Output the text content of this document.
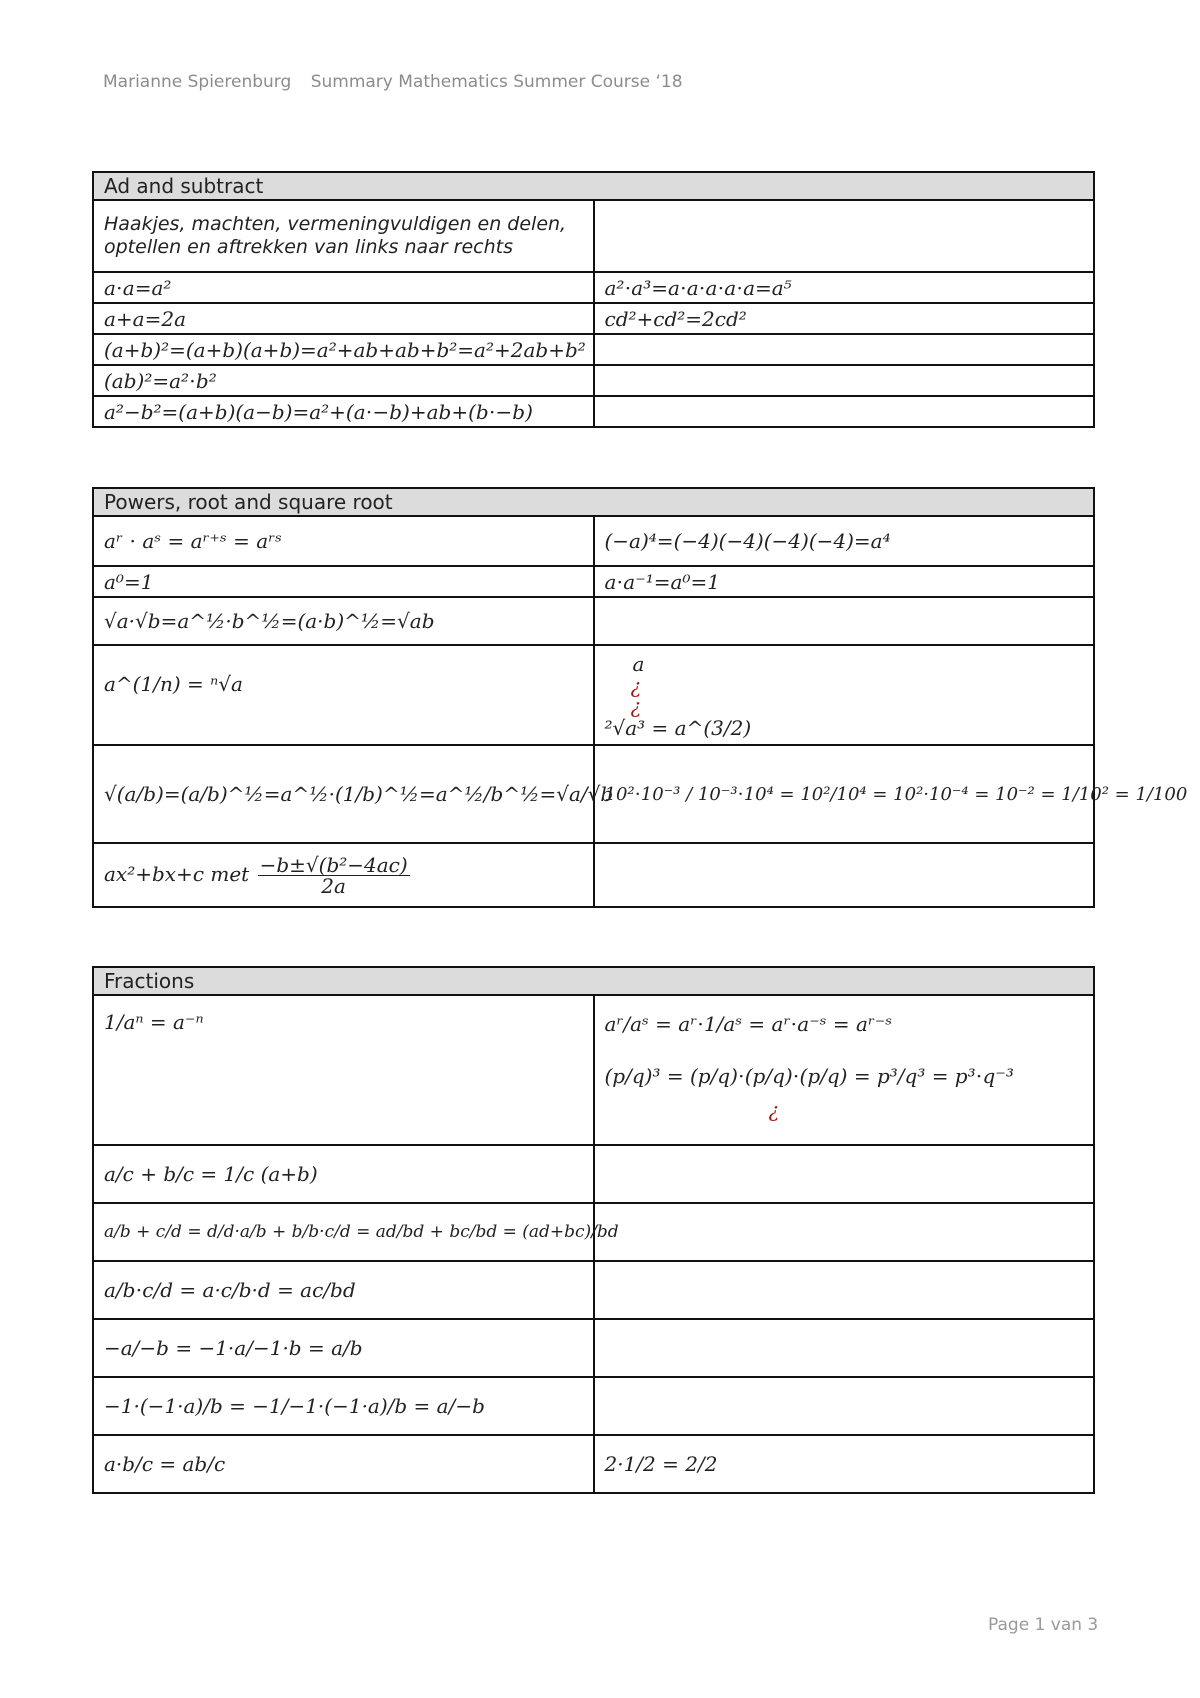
Marianne Spierenburg Summary Mathematics Summer Course ‘18
Ad and subtract	
Haakjes, machten, vermeningvuldigen en delen, optellen en aftrekken van links naar rechts	
a⋅a=a²	a²⋅a³=a⋅a⋅a⋅a⋅a=a⁵
a+a=2a	cd²+cd²=2cd²
(a+b)²=(a+b)(a+b)=a²+ab+ab+b²=a²+2ab+b²	
(ab)²=a²⋅b²	
a²−b²=(a+b)(a−b)=a²+(a⋅−b)+ab+(b⋅−b)	
Powers, root and square root	
aʳ ⋅ aˢ = aʳ⁺ˢ = aʳˢ	(−a)⁴=(−4)(−4)(−4)(−4)=a⁴
a⁰=1	a⋅a⁻¹=a⁰=1
√a·√b=a^½·b^½=(a·b)^½=√ab	
a^(1/n) = ⁿ√a	a
¿
¿
²√a³ = a^(3/2)

√(a/b)=(a/b)^½=a^½·(1/b)^½=a^½/b^½=√a/√b	10²⋅10⁻³ / 10⁻³⋅10⁴ = 10²/10⁴ = 10²·10⁻⁴ = 10⁻² = 1/10² = 1/100
ax²+bx+c met $\frac{\text{−b±√(b²−4ac)}}{2a}$

Fractions	
1/aⁿ = a⁻ⁿ	aʳ/aˢ = aʳ⋅1/aˢ = aʳ⋅a⁻ˢ = aʳ⁻ˢ
(p/q)³ = (p/q)⋅(p/q)⋅(p/q) = p³/q³ = p³⋅q⁻³
¿

a/c + b/c = 1/c (a+b)	
a/b + c/d = d/d·a/b + b/b·c/d = ad/bd + bc/bd = (ad+bc)/bd	
a/b⋅c/d = a·c/b·d = ac/bd	
−a/−b = −1·a/−1·b = a/b	
−1·(−1·a)/b = −1/−1·(−1·a)/b = a/−b	
a·b/c = ab/c	2·1/2 = 2/2
Page 1 van 3
